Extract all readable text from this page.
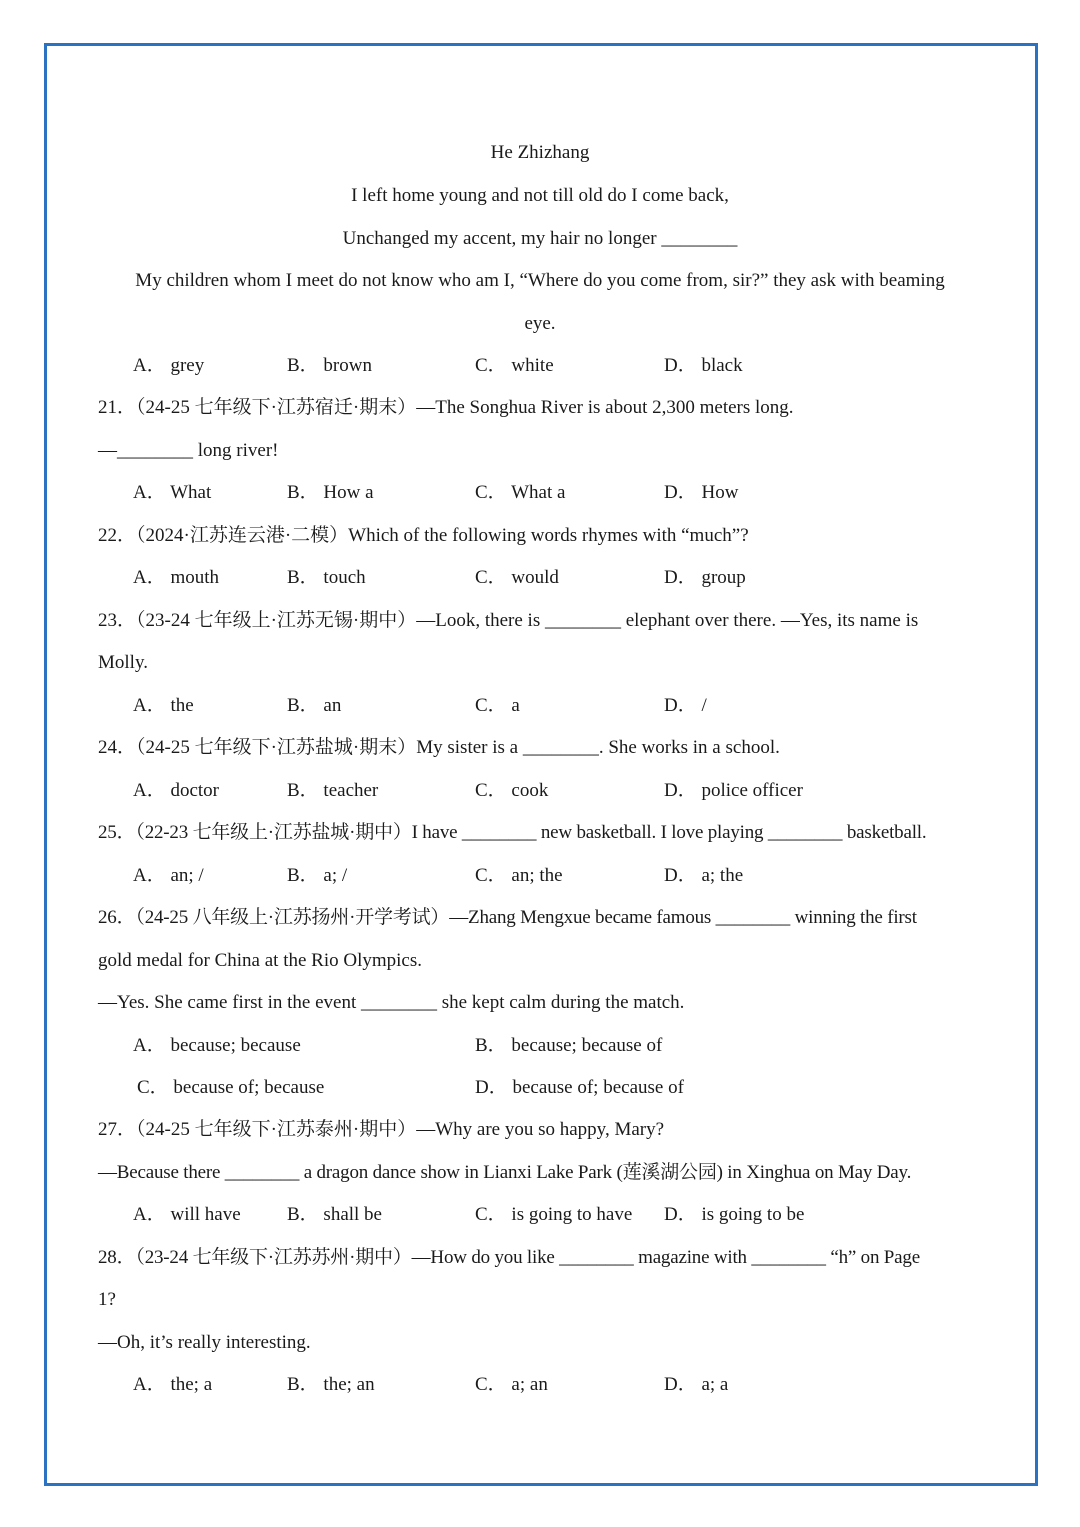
He Zhizhang
I left home young and not till old do I come back,
Unchanged my accent, my hair no longer ________
My children whom I meet do not know who am I, “Where do you come from, sir?” they ask with beaming
eye.
A． grey	B． brown	C． white	D． black
21．（24-25 七年级下·江苏宿迁·期末）—The Songhua River is about 2,300 meters long.
—________ long river!
A． What	B． How a	C． What a	D． How
22．（2024·江苏连云港·二模）Which of the following words rhymes with “much”?
A． mouth	B． touch	C． would	D． group
23．（23-24 七年级上·江苏无锡·期中）—Look, there is ________ elephant over there. —Yes, its name is
Molly.
A． the	B． an	C． a	D． /
24．（24-25 七年级下·江苏盐城·期末）My sister is a ________. She works in a school.
A． doctor	B． teacher	C． cook	D． police officer
25．（22-23 七年级上·江苏盐城·期中）I have ________ new basketball. I love playing ________ basketball.
A． an; /	B． a; /	C． an; the	D． a; the
26．（24-25 八年级上·江苏扬州·开学考试）—Zhang Mengxue became famous ________ winning the first
gold medal for China at the Rio Olympics.
—Yes. She came first in the event ________ she kept calm during the match.
A． because; because	B． because; because of
C． because of; because	D． because of; because of
27．（24-25 七年级下·江苏泰州·期中）—Why are you so happy, Mary?
—Because there ________ a dragon dance show in Lianxi Lake Park (莲溪湖公园) in Xinghua on May Day.
A． will have B． shall be	C． is going to have D． is going to be
28．（23-24 七年级下·江苏苏州·期中）—How do you like ________ magazine with ________ “h” on Page
1?
—Oh, it’s really interesting.
A． the; a	B． the; an	C． a; an	D． a; a
